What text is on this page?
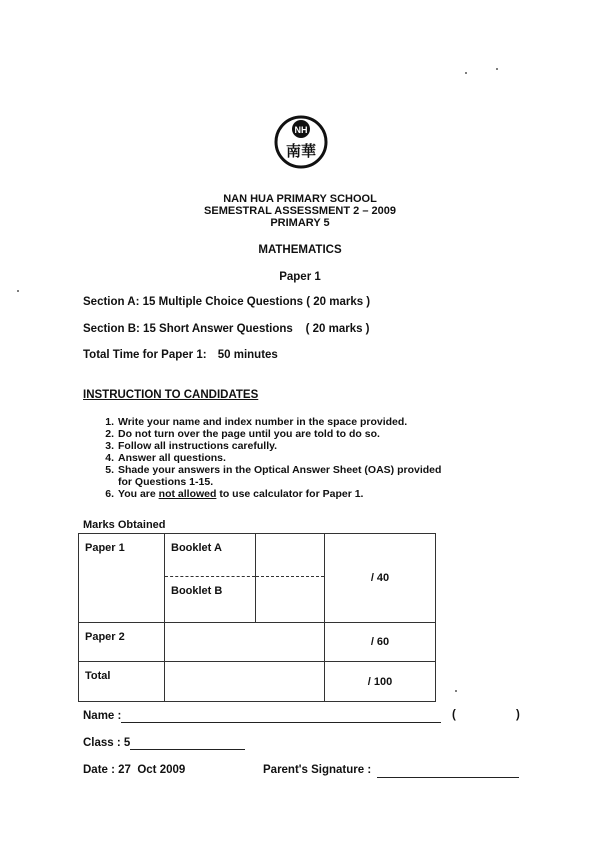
NH
南華
NAN HUA PRIMARY SCHOOL
SEMESTRAL ASSESSMENT 2 – 2009
PRIMARY 5
MATHEMATICS
Paper 1
Section A: 15 Multiple Choice Questions ( 20 marks )
Section B: 15 Short Answer Questions    ( 20 marks )
Total Time for Paper 1: 50 minutes
INSTRUCTION TO CANDIDATES
1. Write your name and index number in the space provided.
2. Do not turn over the page until you are told to do so.
3. Follow all instructions carefully.
4. Answer all questions.
5. Shade your answers in the Optical Answer Sheet (OAS) provided
for Questions 1-15.
6. You are not allowed to use calculator for Paper 1.
Marks Obtained
Paper 1	Booklet A		/ 40
	Booklet B		
Paper 2			/ 60
Total			/ 100
Name :	(	)
Class : 5
Date : 27  Oct 2009	Parent's Signature :
